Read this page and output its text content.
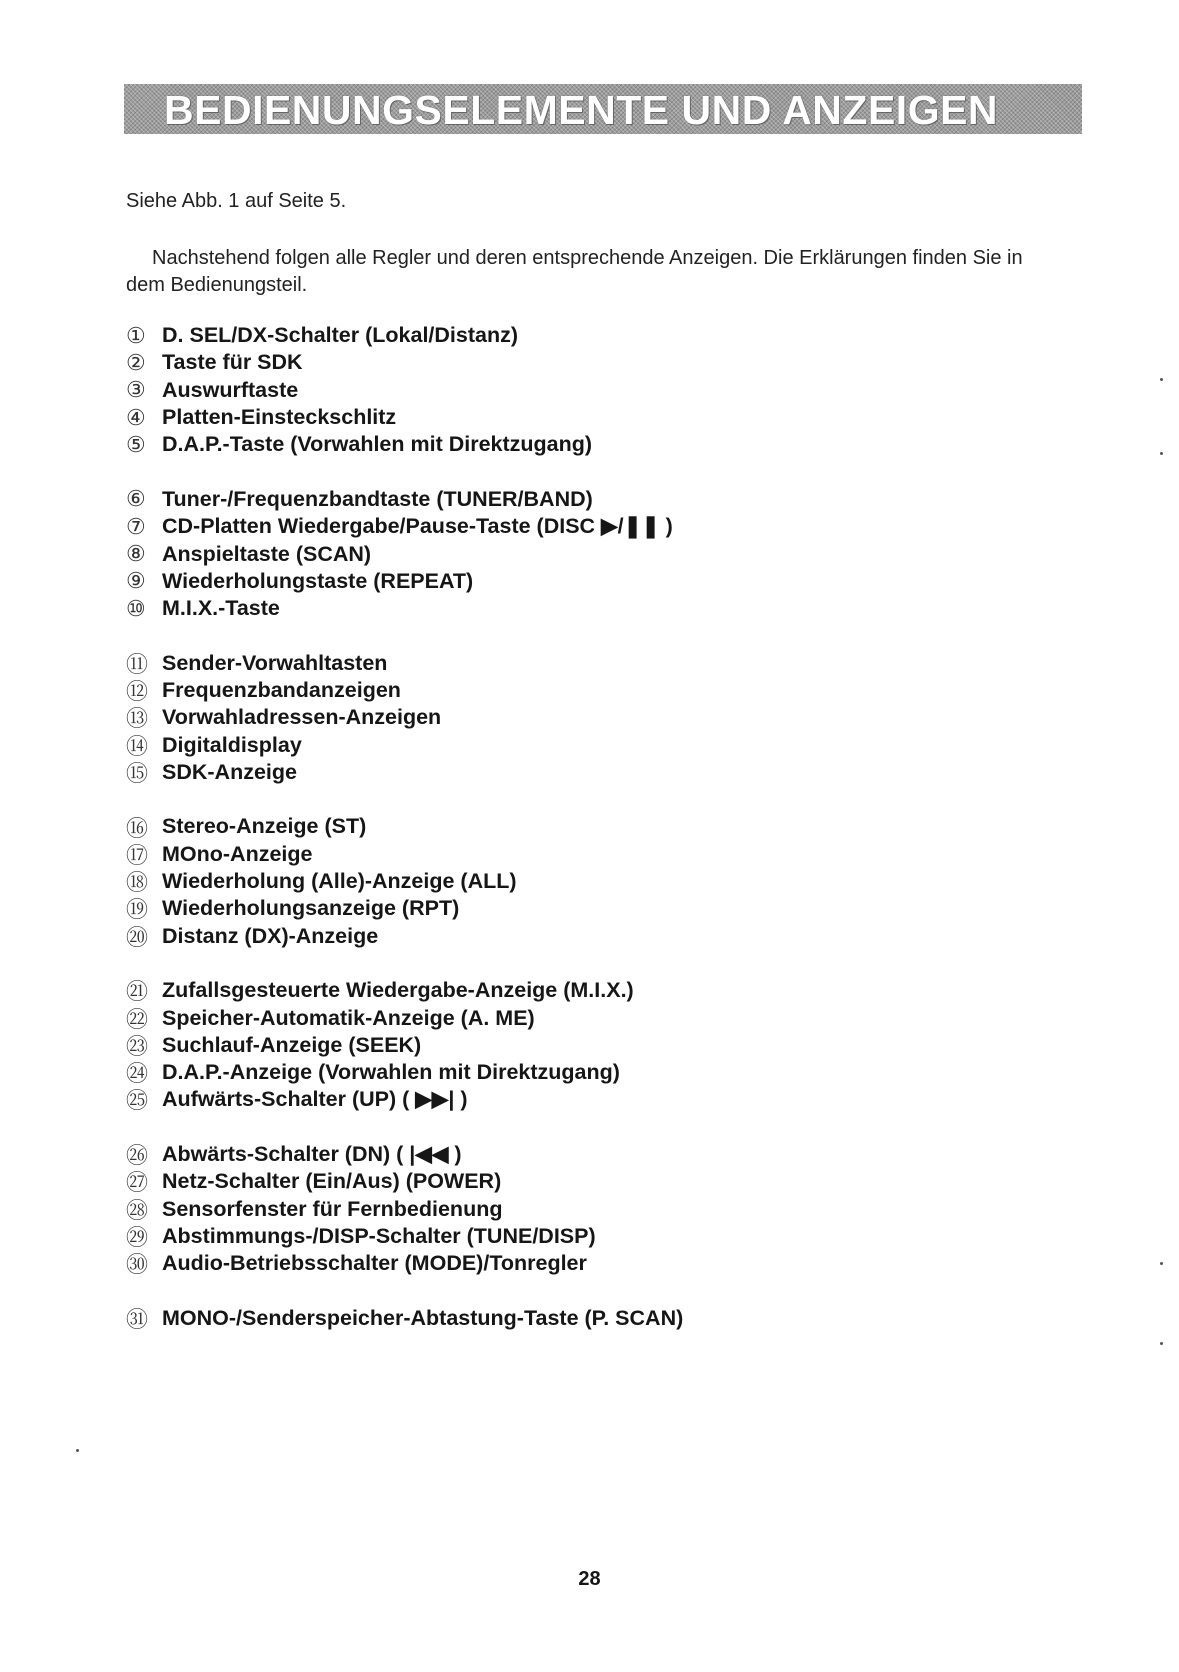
BEDIENUNGSELEMENTE UND ANZEIGEN
Siehe Abb. 1 auf Seite 5.
Nachstehend folgen alle Regler und deren entsprechende Anzeigen. Die Erklärungen finden Sie in dem Bedienungsteil.
① D. SEL/DX-Schalter (Lokal/Distanz)
② Taste für SDK
③ Auswurftaste
④ Platten-Einsteckschlitz
⑤ D.A.P.-Taste (Vorwahlen mit Direktzugang)
⑥ Tuner-/Frequenzbandtaste (TUNER/BAND)
⑦ CD-Platten Wiedergabe/Pause-Taste (DISC ▶/❚❚ )
⑧ Anspieltaste (SCAN)
⑨ Wiederholungstaste (REPEAT)
⑩ M.I.X.-Taste
⑪ Sender-Vorwahltasten
⑫ Frequenzbandanzeigen
⑬ Vorwahladressen-Anzeigen
⑭ Digitaldisplay
⑮ SDK-Anzeige
⑯ Stereo-Anzeige (ST)
⑰ MOno-Anzeige
⑱ Wiederholung (Alle)-Anzeige (ALL)
⑲ Wiederholungsanzeige (RPT)
⑳ Distanz (DX)-Anzeige
㉑ Zufallsgesteuerte Wiedergabe-Anzeige (M.I.X.)
㉒ Speicher-Automatik-Anzeige (A. ME)
㉓ Suchlauf-Anzeige (SEEK)
㉔ D.A.P.-Anzeige (Vorwahlen mit Direktzugang)
㉕ Aufwärts-Schalter (UP) ( ▶▶| )
㉖ Abwärts-Schalter (DN) ( |◀◀ )
㉗ Netz-Schalter (Ein/Aus) (POWER)
㉘ Sensorfenster für Fernbedienung
㉙ Abstimmungs-/DISP-Schalter (TUNE/DISP)
㉚ Audio-Betriebsschalter (MODE)/Tonregler
㉛ MONO-/Senderspeicher-Abtastung-Taste (P. SCAN)
28
